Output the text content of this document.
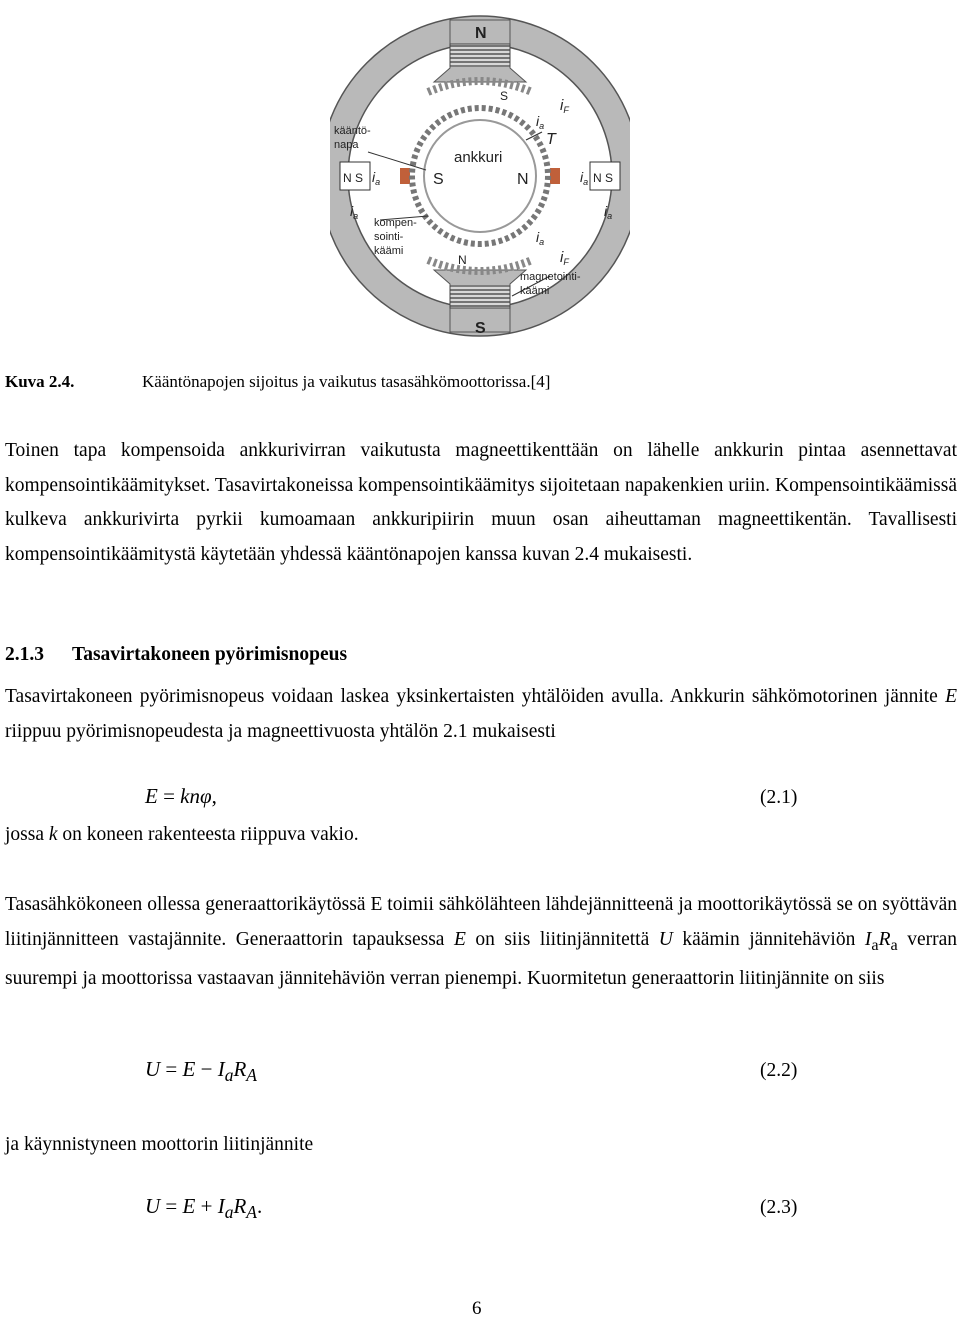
N
S
S
N
ankkuri
S	N
T
N S	N S
kääntö-napa
kompen-sointi-käämi
magnetointi-käämi
$i_F$
$i_F$
$i_a$
$i_a$
$i_a$	$i_a$
$i_a$	$i_a$
Kuva 2.4.	Kääntönapojen sijoitus ja vaikutus tasasähkömoottorissa.[4]

Toinen tapa kompensoida ankkurivirran vaikutusta magneettikenttään on lähelle ankkurin pintaa asennettavat kompensointikäämitykset. Tasavirtakoneissa kompensointikäämitys sijoitetaan napakenkien uriin. Kompensointikäämissä kulkeva ankkurivirta pyrkii kumoamaan ankkuripiirin muun osan aiheuttaman magneettikentän. Tavallisesti kompensointikäämitystä käytetään yhdessä kääntönapojen kanssa kuvan 2.4 mukaisesti.

2.1.3 Tasavirtakoneen pyörimisnopeus

Tasavirtakoneen pyörimisnopeus voidaan laskea yksinkertaisten yhtälöiden avulla. Ankkurin sähkömotorinen jännite E riippuu pyörimisnopeudesta ja magneettivuosta yhtälön 2.1 mukaisesti

E = knφ,	(2.1)
jossa k on koneen rakenteesta riippuva vakio.

Tasasähkökoneen ollessa generaattorikäytössä E toimii sähkölähteen lähdejännitteenä ja moottorikäytössä se on syöttävän liitinjännitteen vastajännite. Generaattorin tapauksessa E on siis liitinjännitettä U käämin jännitehäviön $I_aR_a$ verran suurempi ja moottorissa vastaavan jännitehäviön verran pienempi. Kuormitetun generaattorin liitinjännite on siis

$U = E - I_aR_A$	(2.2)
ja käynnistyneen moottorin liitinjännite
$U = E + I_aR_A$.	(2.3)
6
